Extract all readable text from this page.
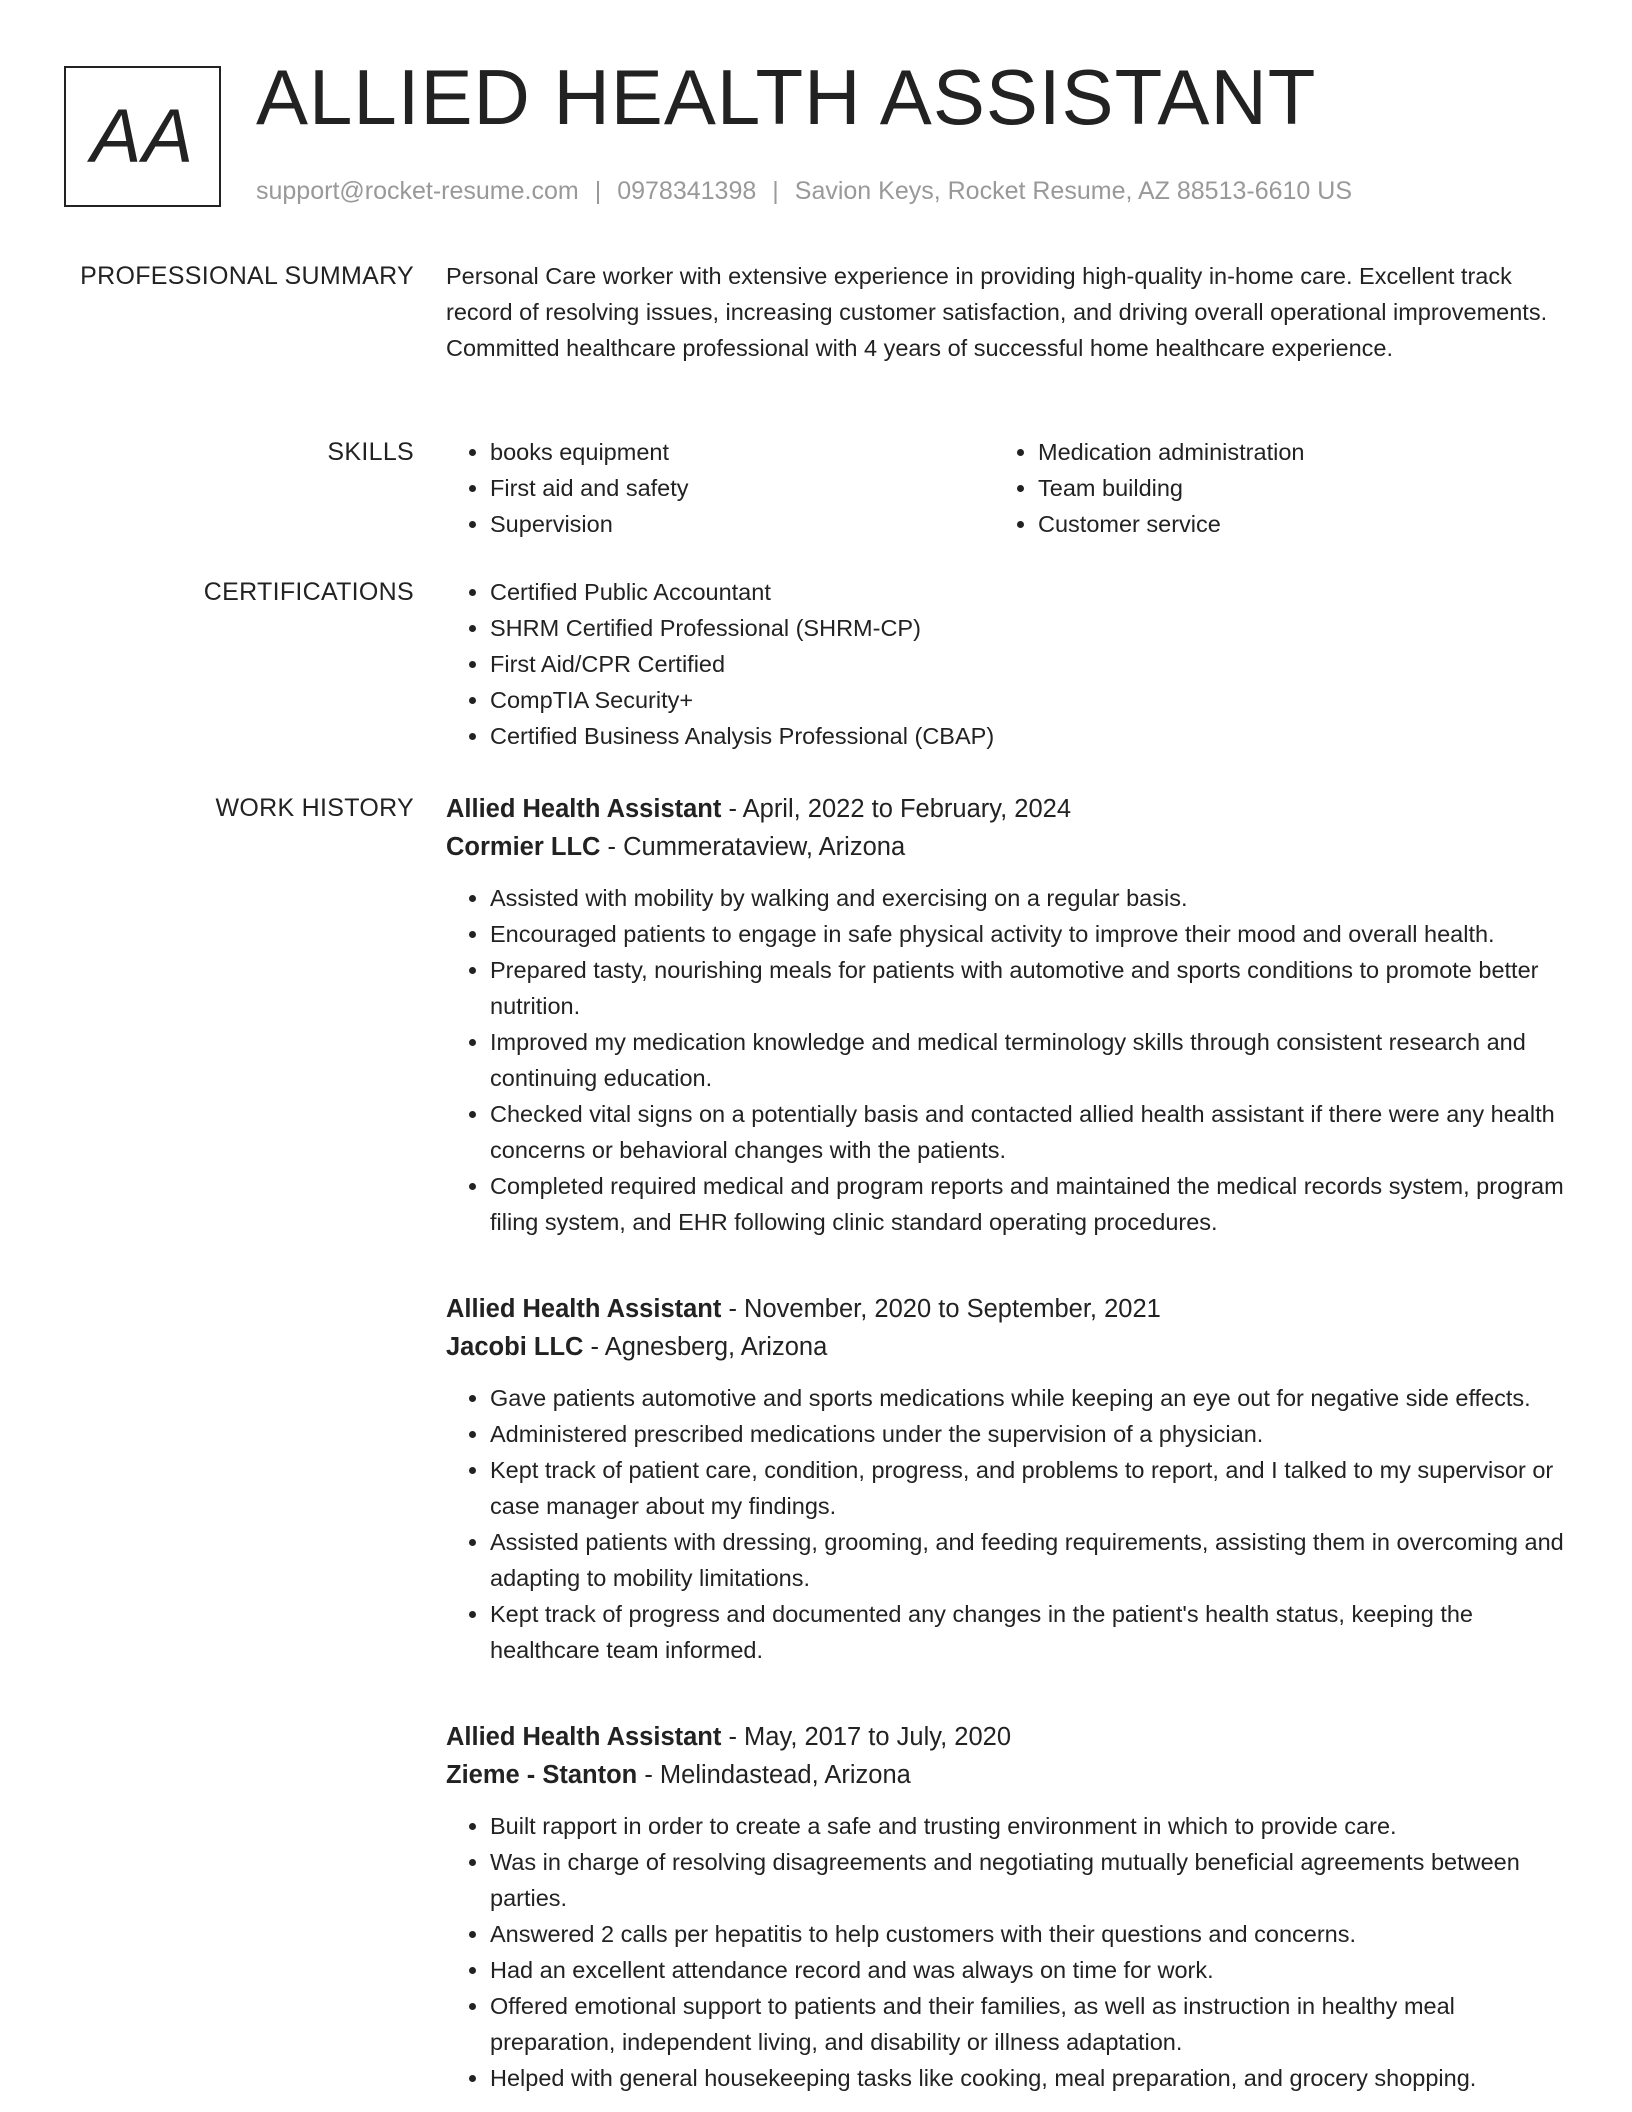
AA ALLIED HEALTH ASSISTANT
support@rocket-resume.com | 0978341398 | Savion Keys, Rocket Resume, AZ 88513-6610 US
PROFESSIONAL SUMMARY Personal Care worker with extensive experience in providing high-quality in-home care. Excellent track record of resolving issues, increasing customer satisfaction, and driving overall operational improvements. Committed healthcare professional with 4 years of successful home healthcare experience.

SKILLS	• books equipment
• First aid and safety
• Supervision
• Medication administration
• Team building
• Customer service
CERTIFICATIONS	• Certified Public Accountant
• SHRM Certified Professional (SHRM-CP)
• First Aid/CPR Certified
• CompTIA Security+
• Certified Business Analysis Professional (CBAP)
WORK HISTORY Allied Health Assistant - April, 2022 to February, 2024
Cormier LLC - Cummerataview, Arizona
• Assisted with mobility by walking and exercising on a regular basis.
• Encouraged patients to engage in safe physical activity to improve their mood and overall health.
• Prepared tasty, nourishing meals for patients with automotive and sports conditions to promote better nutrition.
• Improved my medication knowledge and medical terminology skills through consistent research and continuing education.
• Checked vital signs on a potentially basis and contacted allied health assistant if there were any health concerns or behavioral changes with the patients.
• Completed required medical and program reports and maintained the medical records system, program filing system, and EHR following clinic standard operating procedures.
Allied Health Assistant - November, 2020 to September, 2021
Jacobi LLC - Agnesberg, Arizona
• Gave patients automotive and sports medications while keeping an eye out for negative side effects.
• Administered prescribed medications under the supervision of a physician.
• Kept track of patient care, condition, progress, and problems to report, and I talked to my supervisor or case manager about my findings.
• Assisted patients with dressing, grooming, and feeding requirements, assisting them in overcoming and adapting to mobility limitations.
• Kept track of progress and documented any changes in the patient's health status, keeping the healthcare team informed.
Allied Health Assistant - May, 2017 to July, 2020
Zieme - Stanton - Melindastead, Arizona
• Built rapport in order to create a safe and trusting environment in which to provide care.
• Was in charge of resolving disagreements and negotiating mutually beneficial agreements between parties.
• Answered 2 calls per hepatitis to help customers with their questions and concerns.
• Had an excellent attendance record and was always on time for work.
• Offered emotional support to patients and their families, as well as instruction in healthy meal preparation, independent living, and disability or illness adaptation.
• Helped with general housekeeping tasks like cooking, meal preparation, and grocery shopping.
